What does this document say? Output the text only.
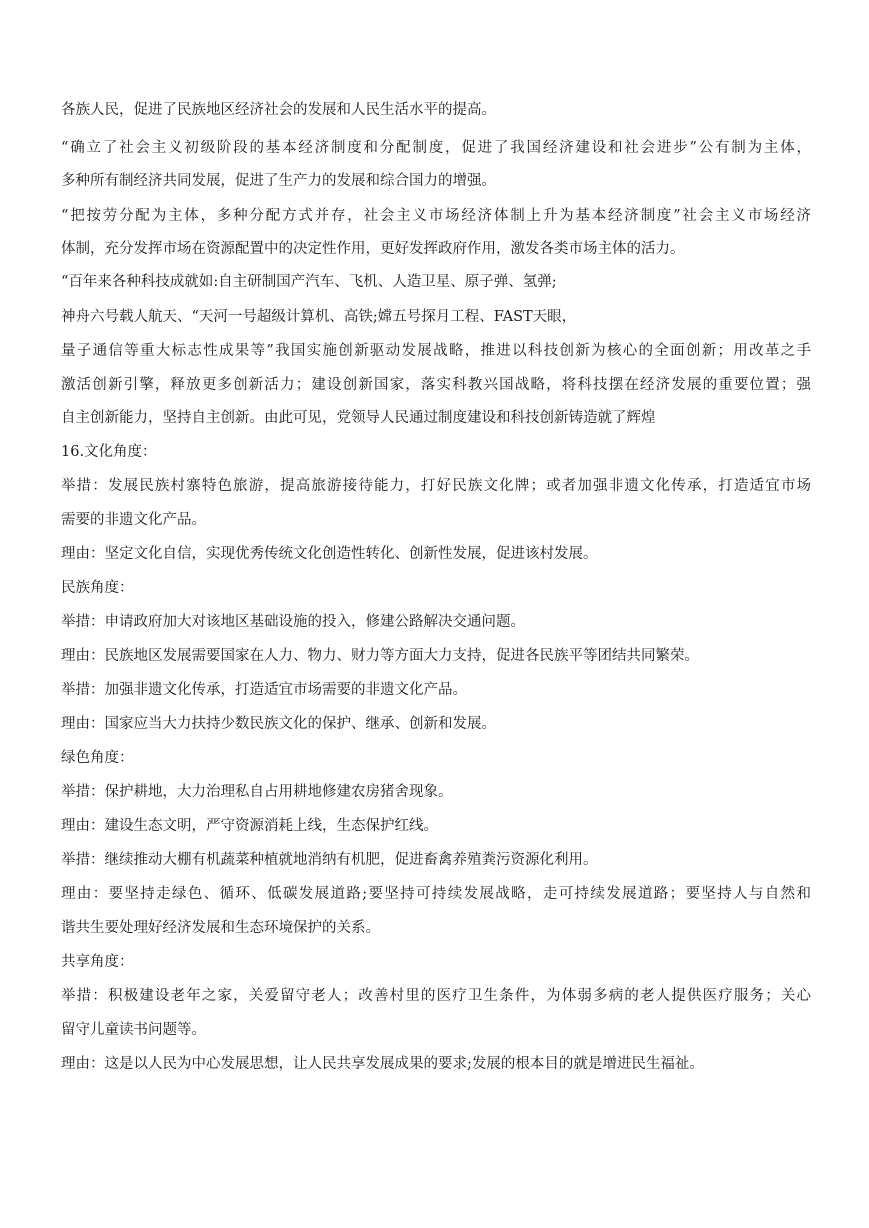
各族人民，促进了民族地区经济社会的发展和人民生活水平的提高。

“确立了社会主义初级阶段的基本经济制度和分配制度，促进了我国经济建设和社会进步”公有制为主体，

多种所有制经济共同发展，促进了生产力的发展和综合国力的增强。

“把按劳分配为主体，多种分配方式并存，社会主义市场经济体制上升为基本经济制度”社会主义市场经济

体制，充分发挥市场在资源配置中的决定性作用，更好发挥政府作用，激发各类市场主体的活力。

“百年来各种科技成就如:自主研制国产汽车、飞机、人造卫星、原子弹、氢弹;

神舟六号载人航天、“天河一号超级计算机、高铁;嫦五号探月工程、FAST天眼，

量子通信等重大标志性成果等”我国实施创新驱动发展战略，推进以科技创新为核心的全面创新；用改革之手

激活创新引擎，释放更多创新活力；建设创新国家，落实科教兴国战略，将科技摆在经济发展的重要位置；强

自主创新能力，坚持自主创新。由此可见，党领导人民通过制度建设和科技创新铸造就了辉煌

16.文化角度：

举措：发展民族村寨特色旅游，提高旅游接待能力，打好民族文化牌；或者加强非遗文化传承，打造适宜市场

需要的非遗文化产品。

理由：坚定文化自信，实现优秀传统文化创造性转化、创新性发展，促进该村发展。

民族角度：

举措：申请政府加大对该地区基础设施的投入，修建公路解决交通问题。

理由：民族地区发展需要国家在人力、物力、财力等方面大力支持，促进各民族平等团结共同繁荣。

举措：加强非遗文化传承，打造适宜市场需要的非遗文化产品。

理由：国家应当大力扶持少数民族文化的保护、继承、创新和发展。

绿色角度：

举措：保护耕地，大力治理私自占用耕地修建农房猪舍现象。

理由：建设生态文明，严守资源消耗上线，生态保护红线。

举措：继续推动大棚有机蔬菜种植就地消纳有机肥，促进畜禽养殖粪污资源化利用。

理由：要坚持走绿色、循环、低碳发展道路;要坚持可持续发展战略，走可持续发展道路；要坚持人与自然和

谐共生要处理好经济发展和生态环境保护的关系。

共享角度：

举措：积极建设老年之家，关爱留守老人；改善村里的医疗卫生条件，为体弱多病的老人提供医疗服务；关心

留守儿童读书问题等。

理由：这是以人民为中心发展思想，让人民共享发展成果的要求;发展的根本目的就是增进民生福祉。
